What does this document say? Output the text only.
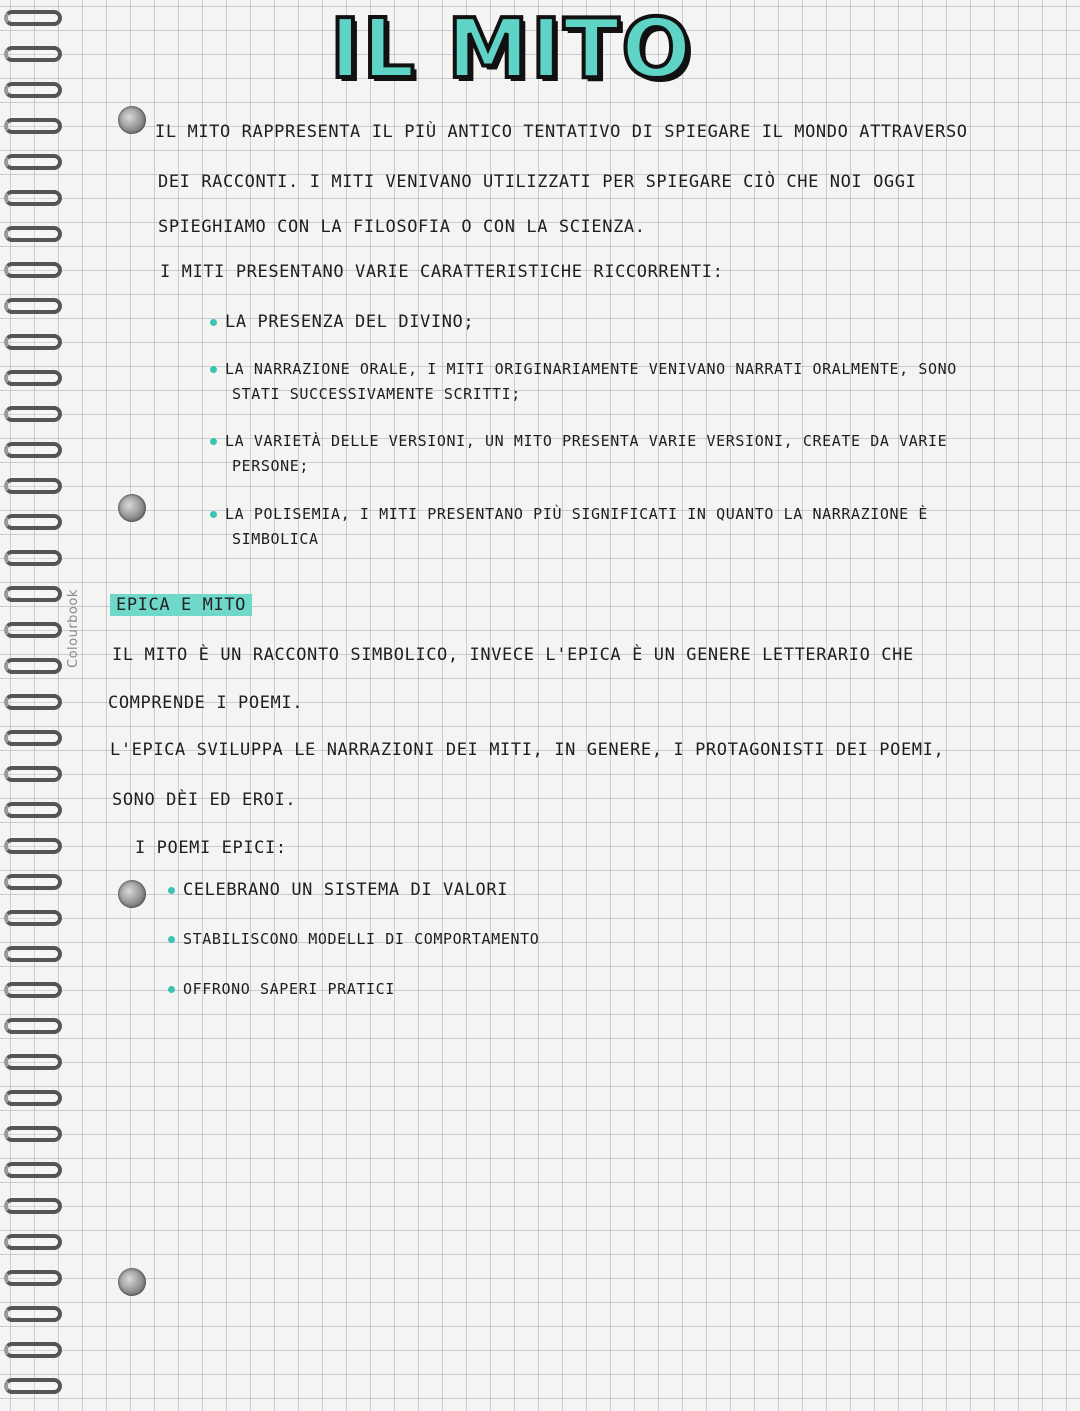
Colourbook
IL MITO
IL MITO RAPPRESENTA IL PIÙ ANTICO TENTATIVO DI SPIEGARE IL MONDO ATTRAVERSO
DEI RACCONTI. I MITI VENIVANO UTILIZZATI PER SPIEGARE CIÒ CHE NOI OGGI
SPIEGHIAMO CON LA FILOSOFIA O CON LA SCIENZA.
I MITI PRESENTANO VARIE CARATTERISTICHE RICCORRENTI:
LA PRESENZA DEL DIVINO;
LA NARRAZIONE ORALE, I MITI ORIGINARIAMENTE VENIVANO NARRATI ORALMENTE, SONO
STATI SUCCESSIVAMENTE SCRITTI;
LA VARIETÀ DELLE VERSIONI, UN MITO PRESENTA VARIE VERSIONI, CREATE DA VARIE
PERSONE;
LA POLISEMIA, I MITI PRESENTANO PIÙ SIGNIFICATI IN QUANTO LA NARRAZIONE È
SIMBOLICA
EPICA E MITO
IL MITO È UN RACCONTO SIMBOLICO, INVECE L'EPICA È UN GENERE LETTERARIO CHE
COMPRENDE I POEMI.
L'EPICA SVILUPPA LE NARRAZIONI DEI MITI, IN GENERE, I PROTAGONISTI DEI POEMI,
SONO DÈI ED EROI.
I POEMI EPICI:
CELEBRANO UN SISTEMA DI VALORI
STABILISCONO MODELLI DI COMPORTAMENTO
OFFRONO SAPERI PRATICI
